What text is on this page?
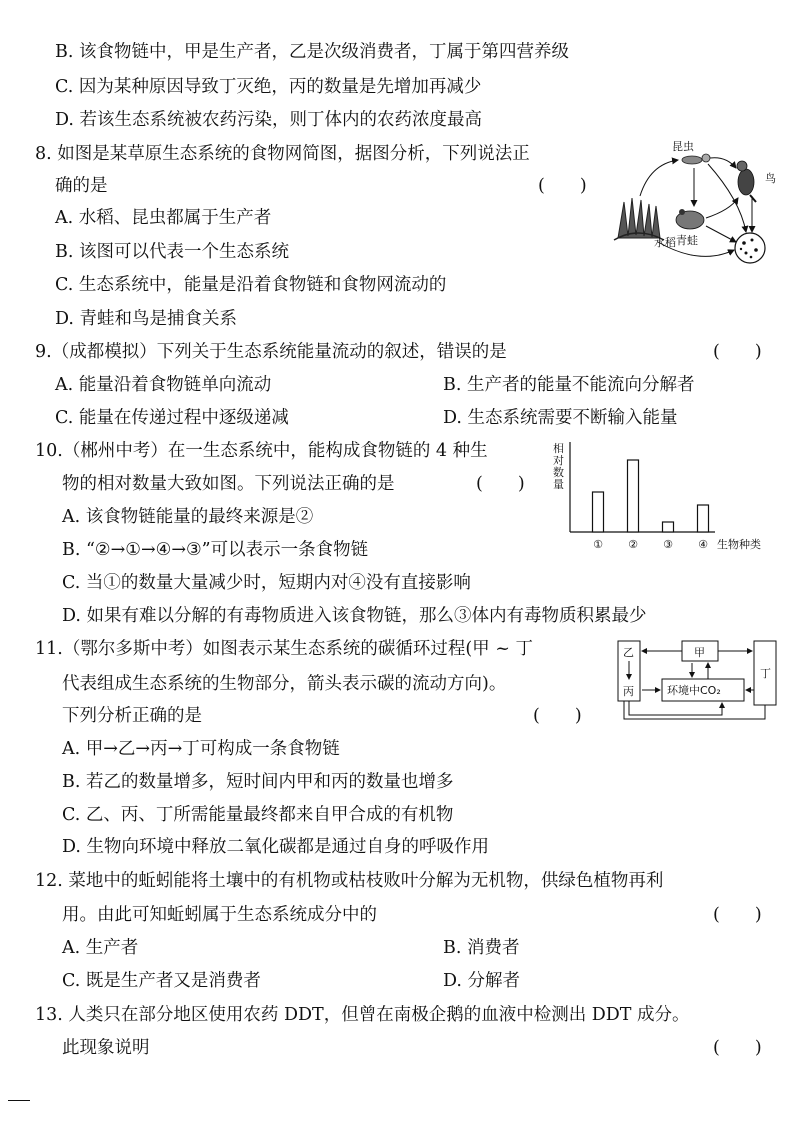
B. 该食物链中，甲是生产者，乙是次级消费者，丁属于第四营养级
C. 因为某种原因导致丁灭绝，丙的数量是先增加再减少
D. 若该生态系统被农药污染，则丁体内的农药浓度最高
8. 如图是某草原生态系统的食物网简图，据图分析，下列说法正
确的是	(　　)
A. 水稻、昆虫都属于生产者
B. 该图可以代表一个生态系统
C. 生态系统中，能量是沿着食物链和食物网流动的
D. 青蛙和鸟是捕食关系
水稻
昆虫
鸟
青蛙
9.（成都模拟）下列关于生态系统能量流动的叙述，错误的是	(　　)
A. 能量沿着食物链单向流动	B. 生产者的能量不能流向分解者
C. 能量在传递过程中逐级递减	D. 生态系统需要不断输入能量
10.（郴州中考）在一生态系统中，能构成食物链的 4 种生
物的相对数量大致如图。下列说法正确的是	(　　)
A. 该食物链能量的最终来源是②
B. “②→①→④→③”可以表示一条食物链
C. 当①的数量大量减少时，短期内对④没有直接影响
D. 如果有难以分解的有毒物质进入该食物链，那么③体内有毒物质积累最少
相对数量
生物种类
① ② ③ ④
11.（鄂尔多斯中考）如图表示某生态系统的碳循环过程(甲 ~ 丁
代表组成生态系统的生物部分，箭头表示碳的流动方向)。
下列分析正确的是	(　　)
A. 甲→乙→丙→丁可构成一条食物链
B. 若乙的数量增多，短时间内甲和丙的数量也增多
C. 乙、丙、丁所需能量最终都来自甲合成的有机物
D. 生物向环境中释放二氧化碳都是通过自身的呼吸作用
乙
丙
甲
环境中CO₂
丁
12. 菜地中的蚯蚓能将土壤中的有机物或枯枝败叶分解为无机物，供绿色植物再利
用。由此可知蚯蚓属于生态系统成分中的	(　　)
A. 生产者	B. 消费者
C. 既是生产者又是消费者	D. 分解者
13. 人类只在部分地区使用农药 DDT，但曾在南极企鹅的血液中检测出 DDT 成分。
此现象说明	(　　)
